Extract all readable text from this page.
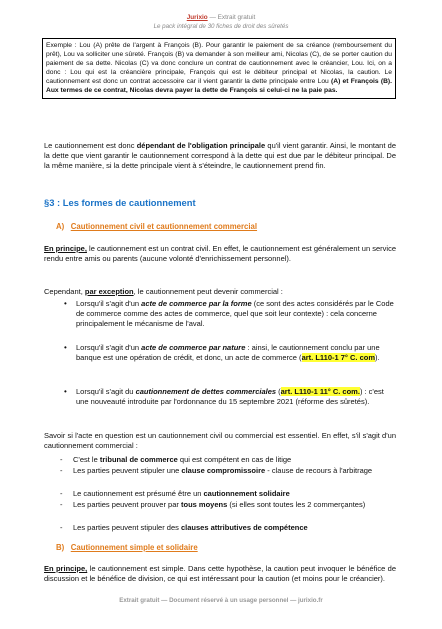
Jurixio — Extrait gratuit
Le pack intégral de 30 fiches de droit des sûretés
Exemple : Lou (A) prête de l'argent à François (B). Pour garantir le paiement de sa créance (remboursement du prêt), Lou va solliciter une sûreté. François (B) va demander à son meilleur ami, Nicolas (C), de se porter caution du paiement de sa dette. Nicolas (C) va donc conclure un contrat de cautionnement avec le créancier, Lou. Ici, on a donc : Lou qui est la créancière principale, François qui est le débiteur principal et Nicolas, la caution. Le cautionnement est donc un contrat accessoire car il vient garantir la dette principale entre Lou (A) et François (B). Aux termes de ce contrat, Nicolas devra payer la dette de François si celui-ci ne la paie pas.
Le cautionnement est donc dépendant de l'obligation principale qu'il vient garantir. Ainsi, le montant de la dette que vient garantir le cautionnement correspond à la dette qui est due par le débiteur principal. De la même manière, si la dette principale vient à s'éteindre, le cautionnement prend fin.
§3 : Les formes de cautionnement
A) Cautionnement civil et cautionnement commercial
En principe, le cautionnement est un contrat civil. En effet, le cautionnement est généralement un service rendu entre amis ou parents (aucune volonté d'enrichissement personnel).
Cependant, par exception, le cautionnement peut devenir commercial :
• Lorsqu'il s'agit d'un acte de commerce par la forme (ce sont des actes considérés par le Code de commerce comme des actes de commerce, quel que soit leur contexte) : cela concerne principalement le mécanisme de l'aval.
• Lorsqu'il s'agit d'un acte de commerce par nature : ainsi, le cautionnement conclu par une banque est une opération de crédit, et donc, un acte de commerce (art. L110-1 7° C. com).
• Lorsqu'il s'agit du cautionnement de dettes commerciales (art. L110-1 11° C. com.) : c'est une nouveauté introduite par l'ordonnance du 15 septembre 2021 (réforme des sûretés).
Savoir si l'acte en question est un cautionnement civil ou commercial est essentiel. En effet, s'il s'agit d'un cautionnement commercial :
- C'est le tribunal de commerce qui est compétent en cas de litige
- Les parties peuvent stipuler une clause compromissoire - clause de recours à l'arbitrage
- Le cautionnement est présumé être un cautionnement solidaire
- Les parties peuvent prouver par tous moyens (si elles sont toutes les 2 commerçantes)
- Les parties peuvent stipuler des clauses attributives de compétence
B) Cautionnement simple et solidaire
En principe, le cautionnement est simple. Dans cette hypothèse, la caution peut invoquer le bénéfice de discussion et le bénéfice de division, ce qui est intéressant pour la caution (et moins pour le créancier).
Extrait gratuit — Document réservé à un usage personnel — jurixio.fr
